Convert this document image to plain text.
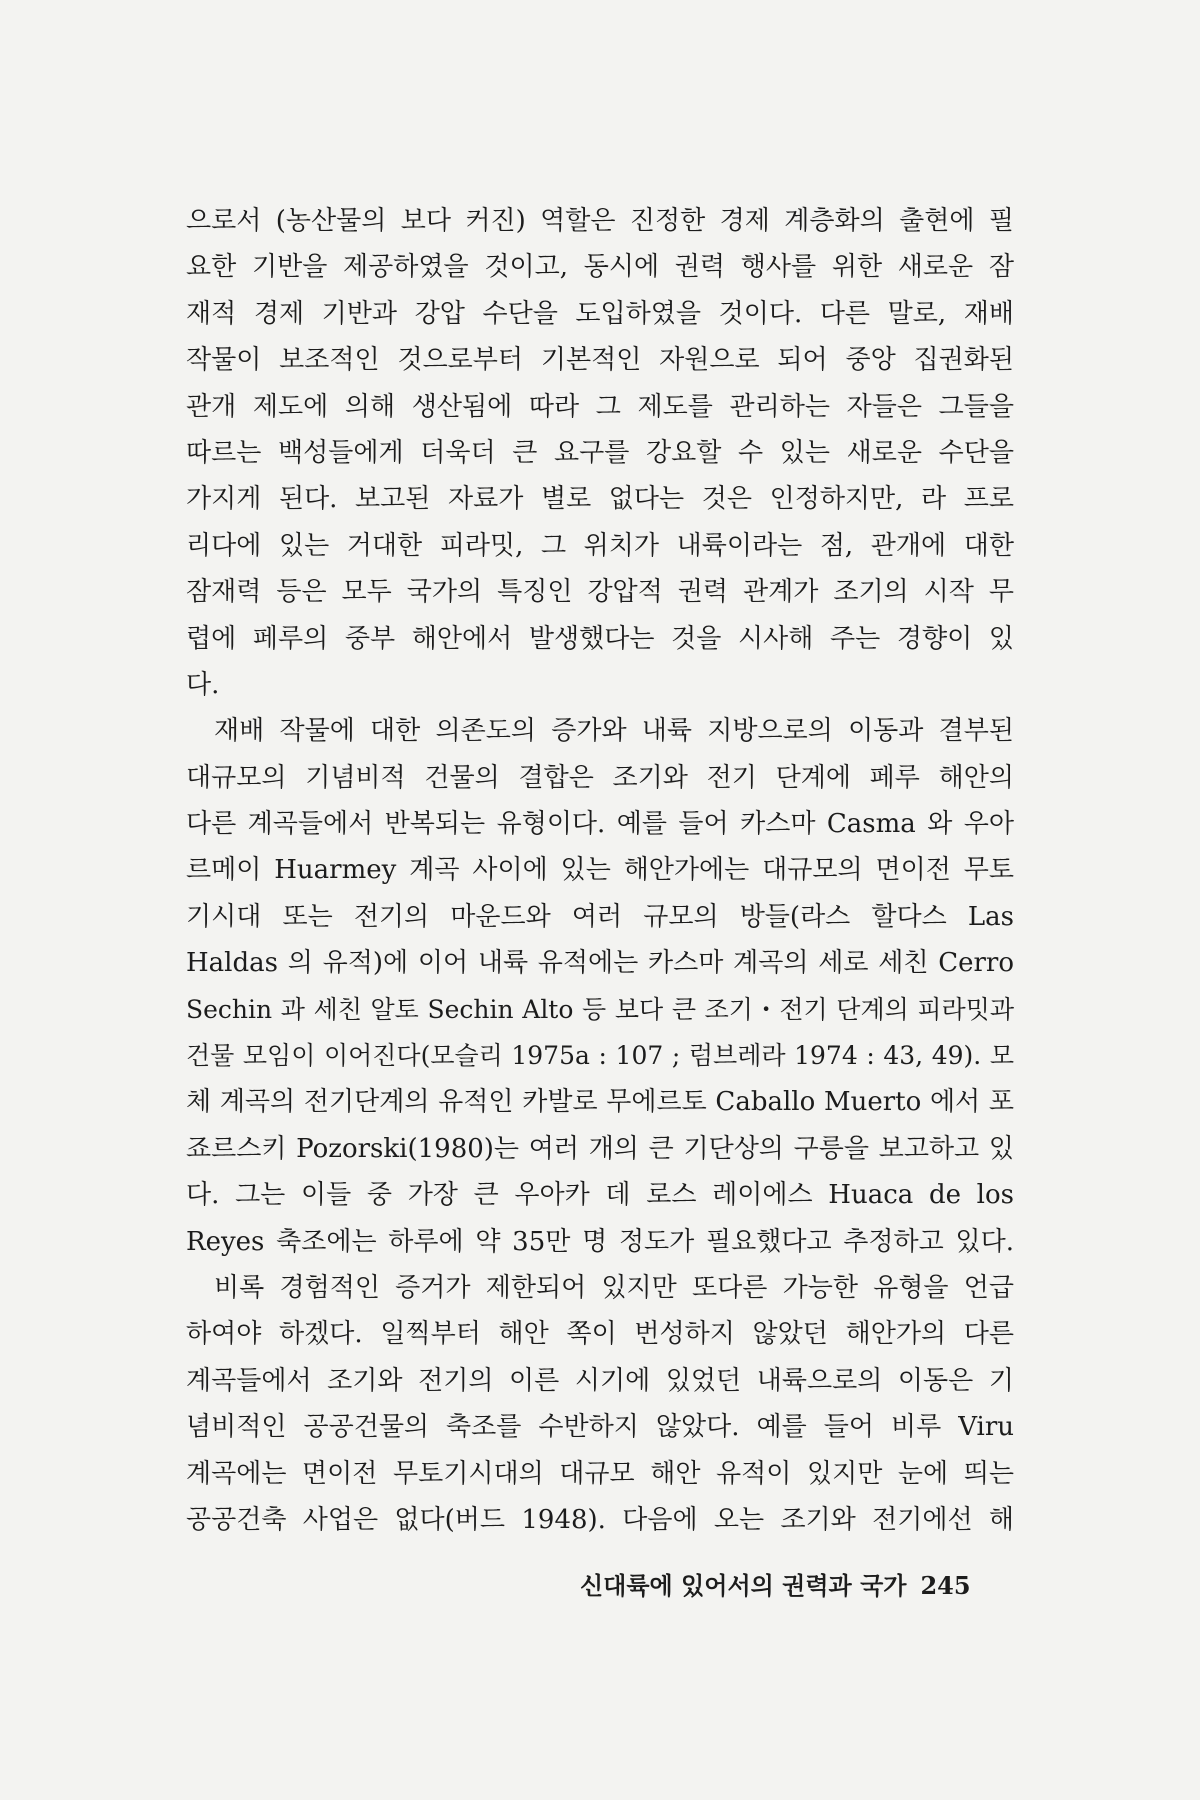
으로서 (농산물의 보다 커진) 역할은 진정한 경제 계층화의 출현에 필
요한 기반을 제공하였을 것이고, 동시에 권력 행사를 위한 새로운 잠
재적 경제 기반과 강압 수단을 도입하였을 것이다. 다른 말로, 재배
작물이 보조적인 것으로부터 기본적인 자원으로 되어 중앙 집권화된
관개 제도에 의해 생산됨에 따라 그 제도를 관리하는 자들은 그들을
따르는 백성들에게 더욱더 큰 요구를 강요할 수 있는 새로운 수단을
가지게 된다. 보고된 자료가 별로 없다는 것은 인정하지만, 라 프로
리다에 있는 거대한 피라밋, 그 위치가 내륙이라는 점, 관개에 대한
잠재력 등은 모두 국가의 특징인 강압적 권력 관계가 조기의 시작 무
렵에 페루의 중부 해안에서 발생했다는 것을 시사해 주는 경향이 있
다.
재배 작물에 대한 의존도의 증가와 내륙 지방으로의 이동과 결부된
대규모의 기념비적 건물의 결합은 조기와 전기 단계에 페루 해안의
다른 계곡들에서 반복되는 유형이다. 예를 들어 카스마 Casma 와 우아
르메이 Huarmey 계곡 사이에 있는 해안가에는 대규모의 면이전 무토
기시대 또는 전기의 마운드와 여러 규모의 방들(라스 할다스 Las
Haldas 의 유적)에 이어 내륙 유적에는 카스마 계곡의 세로 세친 Cerro
Sechin 과 세친 알토 Sechin Alto 등 보다 큰 조기・전기 단계의 피라밋과
건물 모임이 이어진다(모슬리 1975a : 107 ; 럼브레라 1974 : 43, 49). 모
체 계곡의 전기단계의 유적인 카발로 무에르토 Caballo Muerto 에서 포
죠르스키 Pozorski(1980)는 여러 개의 큰 기단상의 구릉을 보고하고 있
다. 그는 이들 중 가장 큰 우아카 데 로스 레이에스 Huaca de los
Reyes 축조에는 하루에 약 35만 명 정도가 필요했다고 추정하고 있다.
비록 경험적인 증거가 제한되어 있지만 또다른 가능한 유형을 언급
하여야 하겠다. 일찍부터 해안 쪽이 번성하지 않았던 해안가의 다른
계곡들에서 조기와 전기의 이른 시기에 있었던 내륙으로의 이동은 기
념비적인 공공건물의 축조를 수반하지 않았다. 예를 들어 비루 Viru
계곡에는 면이전 무토기시대의 대규모 해안 유적이 있지만 눈에 띄는
공공건축 사업은 없다(버드 1948). 다음에 오는 조기와 전기에선 해
신대륙에 있어서의 권력과 국가 245
